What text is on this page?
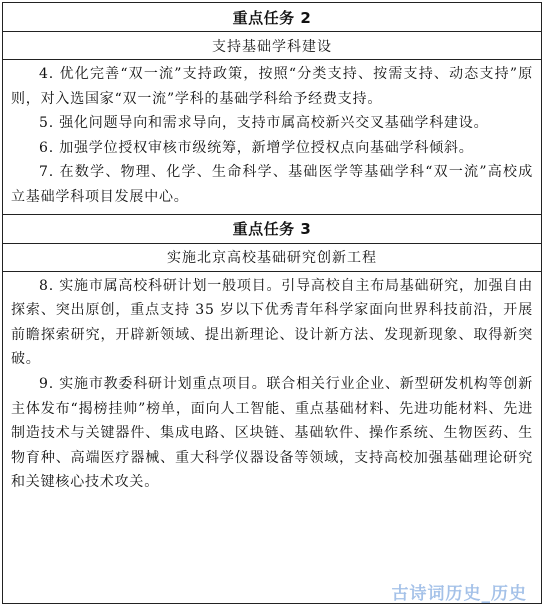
重点任务 2
支持基础学科建设

4. 优化完善“双一流”支持政策，按照“分类支持、按需支持、动态支持”原则，对入选国家“双一流”学科的基础学科给予经费支持。

5. 强化问题导向和需求导向，支持市属高校新兴交叉基础学科建设。

6. 加强学位授权审核市级统筹，新增学位授权点向基础学科倾斜。

7. 在数学、物理、化学、生命科学、基础医学等基础学科“双一流”高校成立基础学科项目发展中心。

重点任务 3
实施北京高校基础研究创新工程

8. 实施市属高校科研计划一般项目。引导高校自主布局基础研究，加强自由探索、突出原创，重点支持 35 岁以下优秀青年科学家面向世界科技前沿，开展前瞻探索研究，开辟新领域、提出新理论、设计新方法、发现新现象、取得新突破。

9. 实施市教委科研计划重点项目。联合相关行业企业、新型研发机构等创新主体发布“揭榜挂帅”榜单，面向人工智能、重点基础材料、先进功能材料、先进制造技术与关键器件、集成电路、区块链、基础软件、操作系统、生物医药、生物育种、高端医疗器械、重大科学仪器设备等领域，支持高校加强基础理论研究和关键核心技术攻关。

古诗词历史_历史
